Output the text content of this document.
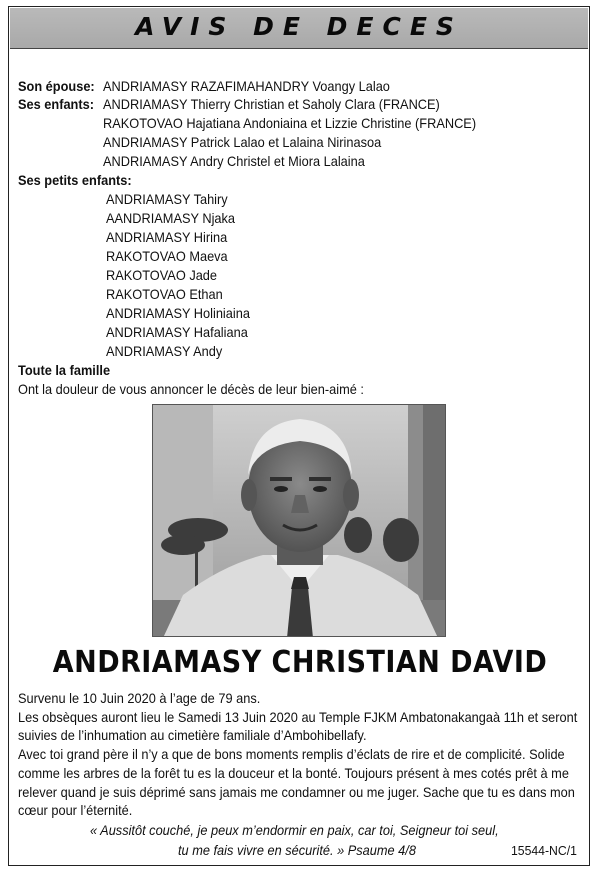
AVIS DE DECES
Son épouse: ANDRIAMASY RAZAFIMAHANDRY Voangy Lalao
Ses enfants: ANDRIAMASY Thierry Christian et Saholy Clara (FRANCE)
RAKOTOVAO Hajatiana Andoniaina et Lizzie Christine (FRANCE)
ANDRIAMASY Patrick Lalao et Lalaina Nirinasoa
ANDRIAMASY Andry Christel et Miora Lalaina
Ses petits enfants:
ANDRIAMASY Tahiry
AANDRIAMASY Njaka
ANDRIAMASY Hirina
RAKOTOVAO Maeva
RAKOTOVAO Jade
RAKOTOVAO Ethan
ANDRIAMASY Holiniaina
ANDRIAMASY Hafaliana
ANDRIAMASY Andy
Toute la famille
Ont la douleur de vous annoncer le décès de leur bien-aimé :
ANDRIAMASY CHRISTIAN DAVID
Survenu le 10 Juin 2020 à l’age de 79 ans.
Les obsèques auront lieu le Samedi 13 Juin 2020 au Temple FJKM Ambatonakangaà 11h et seront
suivies de l’inhumation au cimetière familiale d’Ambohibellafy.
Avec toi grand père il n’y a que de bons moments remplis d’éclats de rire et de complicité. Solide
comme les arbres de la forêt tu es la douceur et la bonté. Toujours présent à mes cotés prêt à me
relever quand je suis déprimé sans jamais me condamner ou me juger. Sache que tu es dans mon
cœur pour l’éternité.
« Aussitôt couché, je peux m’endormir en paix, car toi, Seigneur toi seul,
tu me fais vivre en sécurité. » Psaume 4/8	15544-NC/1
